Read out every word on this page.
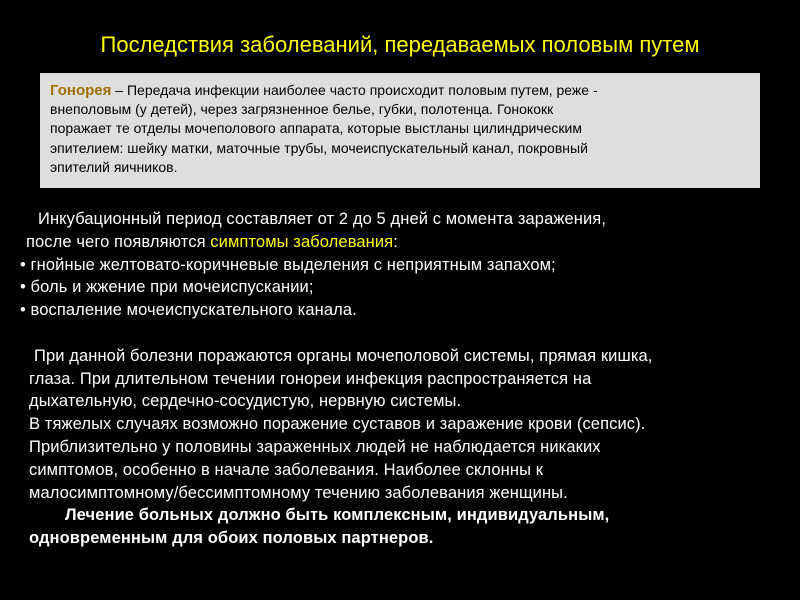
Последствия заболеваний, передаваемых половым путем
Гонорея – Передача инфекции наиболее часто происходит половым путем, реже -
внеполовым (у детей), через загрязненное белье, губки, полотенца. Гонококк
поражает те отделы мочеполового аппарата, которые выстланы цилиндрическим
эпителием: шейку матки, маточные трубы, мочеиспускательный канал, покровный
эпителий яичников.
Инкубационный период составляет от 2 до 5 дней с момента заражения,
после чего появляются симптомы заболевания:
• гнойные желтовато-коричневые выделения с неприятным запахом;
• боль и жжение при мочеиспускании;
• воспаление мочеиспускательного канала.
При данной болезни поражаются органы мочеполовой системы, прямая кишка,
глаза. При длительном течении гонореи инфекция распространяется на
дыхательную, сердечно-сосудистую, нервную системы.
В тяжелых случаях возможно поражение суставов и заражение крови (сепсис).
Приблизительно у половины зараженных людей не наблюдается никаких
симптомов, особенно в начале заболевания. Наиболее склонны к
малосимптомному/бессимптомному течению заболевания женщины.
Лечение больных должно быть комплексным, индивидуальным,
одновременным для обоих половых партнеров.
